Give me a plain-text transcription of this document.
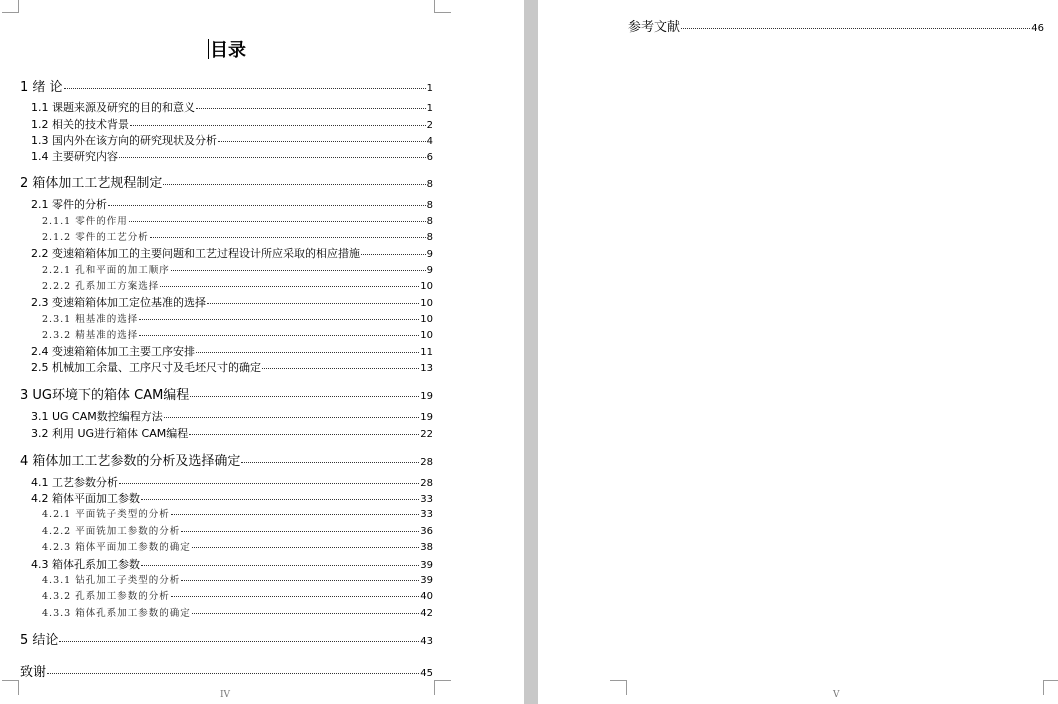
目录
1 绪 论	1
1.1 课题来源及研究的目的和意义	1
1.2 相关的技术背景	2
1.3 国内外在该方向的研究现状及分析	4
1.4 主要研究内容	6
2 箱体加工工艺规程制定	8
2.1 零件的分析	8
2.1.1 零件的作用	8
2.1.2 零件的工艺分析	8
2.2 变速箱箱体加工的主要问题和工艺过程设计所应采取的相应措施	9
2.2.1 孔和平面的加工顺序	9
2.2.2 孔系加工方案选择	10
2.3 变速箱箱体加工定位基准的选择	10
2.3.1 粗基准的选择	10
2.3.2 精基准的选择	10
2.4 变速箱箱体加工主要工序安排	11
2.5 机械加工余量、工序尺寸及毛坯尺寸的确定	13
3 UG环境下的箱体 CAM编程	19
3.1 UG CAM数控编程方法	19
3.2 利用 UG进行箱体 CAM编程	22
4 箱体加工工艺参数的分析及选择确定	28
4.1 工艺参数分析	28
4.2 箱体平面加工参数	33
4.2.1 平面铣子类型的分析	33
4.2.2 平面铣加工参数的分析	36
4.2.3 箱体平面加工参数的确定	38
4.3 箱体孔系加工参数	39
4.3.1 钻孔加工子类型的分析	39
4.3.2 孔系加工参数的分析	40
4.3.3 箱体孔系加工参数的确定	42
5 结论	43
致谢	45
IV
参考文献	46
V
